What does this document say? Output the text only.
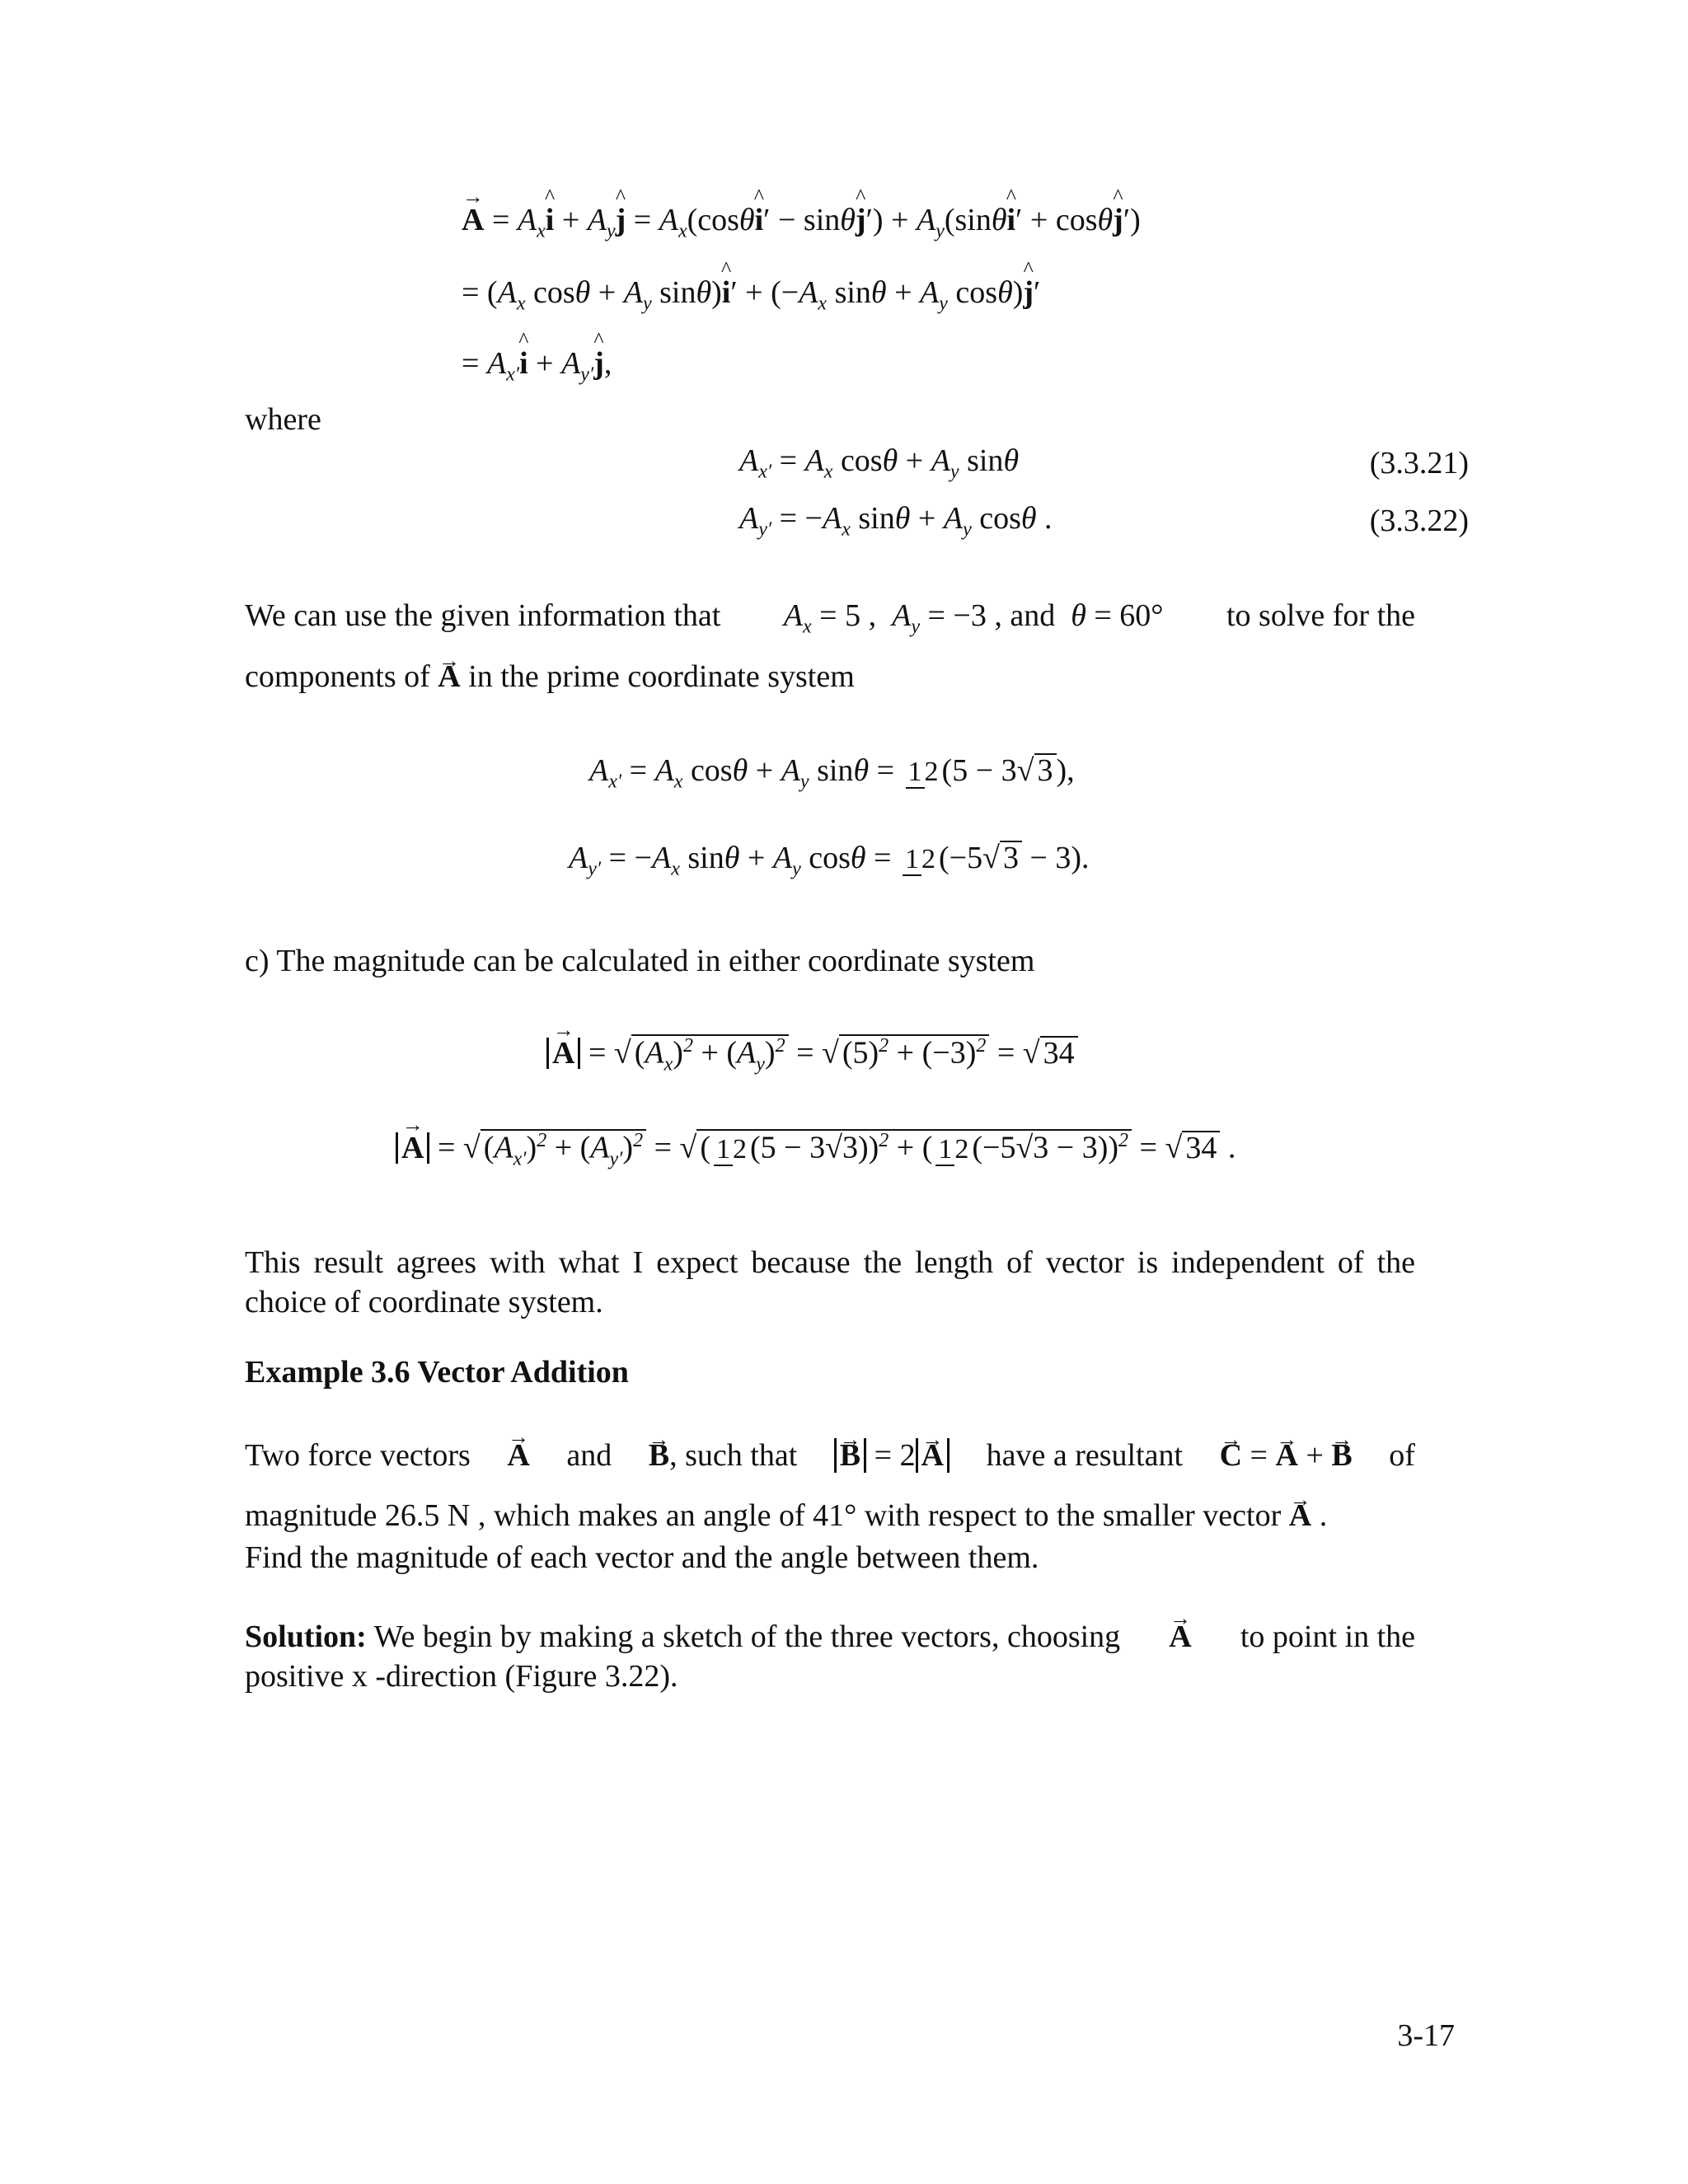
→ $A = A_x\^{}$ $i + A_y\^{}$ $j = A_x(\cos\theta\^{}$ i′ − sinθ^ $j') + A_y(\sin\theta\^{}$ i′ + cosθ^ j′)
= ($A_x$ $\cos\theta + A_y$ sinθ)^ $i' + (-A_x$ $\sin\theta + A_y$ cosθ)^ j′
= $A_{x'}\^{}$ $i + A_{y'}\^{}$ j,
where
$A_{x'} = A_x$ $\cos\theta + A_y$ sinθ	(3.3.21)
$A_{y'} = -A_x$ $\sin\theta + A_y$ cosθ .	(3.3.22)
We can use the given information that $A_x = 5$ ,  $A_y = -3$ , and  θ = 60° to solve for the
components of → A in the prime coordinate system
$A_{x'} = A_x$ $\cos\theta + A_y$ sinθ = 12 (5 − 3√ 3 ),
$A_{y'} = -A_x$ $\sin\theta + A_y$ cosθ = 12 (−5√ 3 − 3).
c) The magnitude can be calculated in either coordinate system
→ A = √ $(A_x)^2 + (A_y)^2$ = √ $(5)^2 + (-3)^2$ = √ 34
→ A = √ $(A_{x'})^2 + (A_{y'})^2$ = √ ( 12 (5 − 3√3))$^2$ + ( 12 (−5√3 − 3))$^2$ = √ 34 .
This result agrees with what I expect because the length of vector is independent of the choice of coordinate system.
Example 3.6 Vector Addition
Two force vectors → A and → B, such that → B = 2 → A have a resultant → C = → A + → B of
magnitude 26.5 N , which makes an angle of 41° with respect to the smaller vector → A .
Find the magnitude of each vector and the angle between them.
Solution: We begin by making a sketch of the three vectors, choosing → A to point in the
positive x -direction (Figure 3.22).
3-17
